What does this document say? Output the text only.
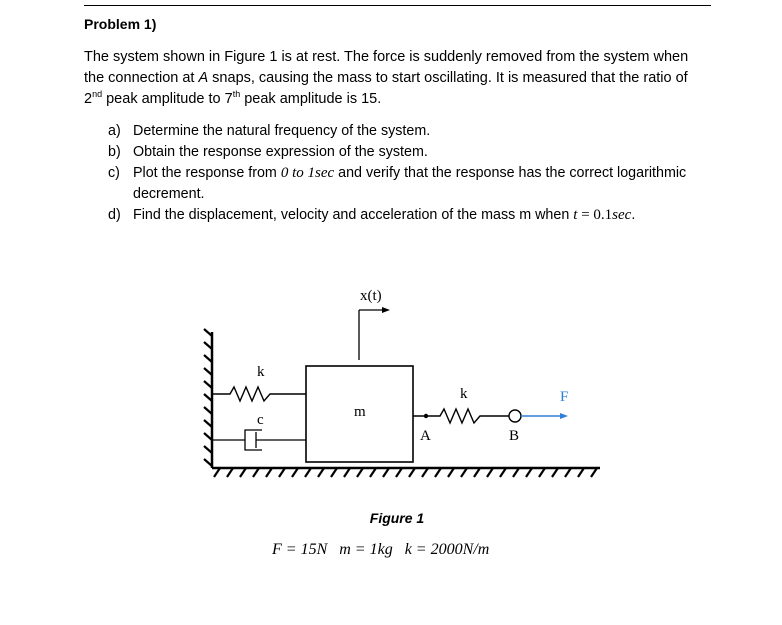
Problem 1)

The system shown in Figure 1 is at rest. The force is suddenly removed from the system when

the connection at A snaps, causing the mass to start oscillating. It is measured that the ratio of

2nd peak amplitude to 7th peak amplitude is 15.

a) Determine the natural frequency of the system.
b) Obtain the response expression of the system.
c) Plot the response from 0 to 1sec and verify that the response has the correct logarithmic
decrement.
d) Find the displacement, velocity and acceleration of the mass m when t = 0.1sec.
k
c	m
x(t)
A
k
B
F
Figure 1
F = 15N m = 1kg k = 2000N/m
